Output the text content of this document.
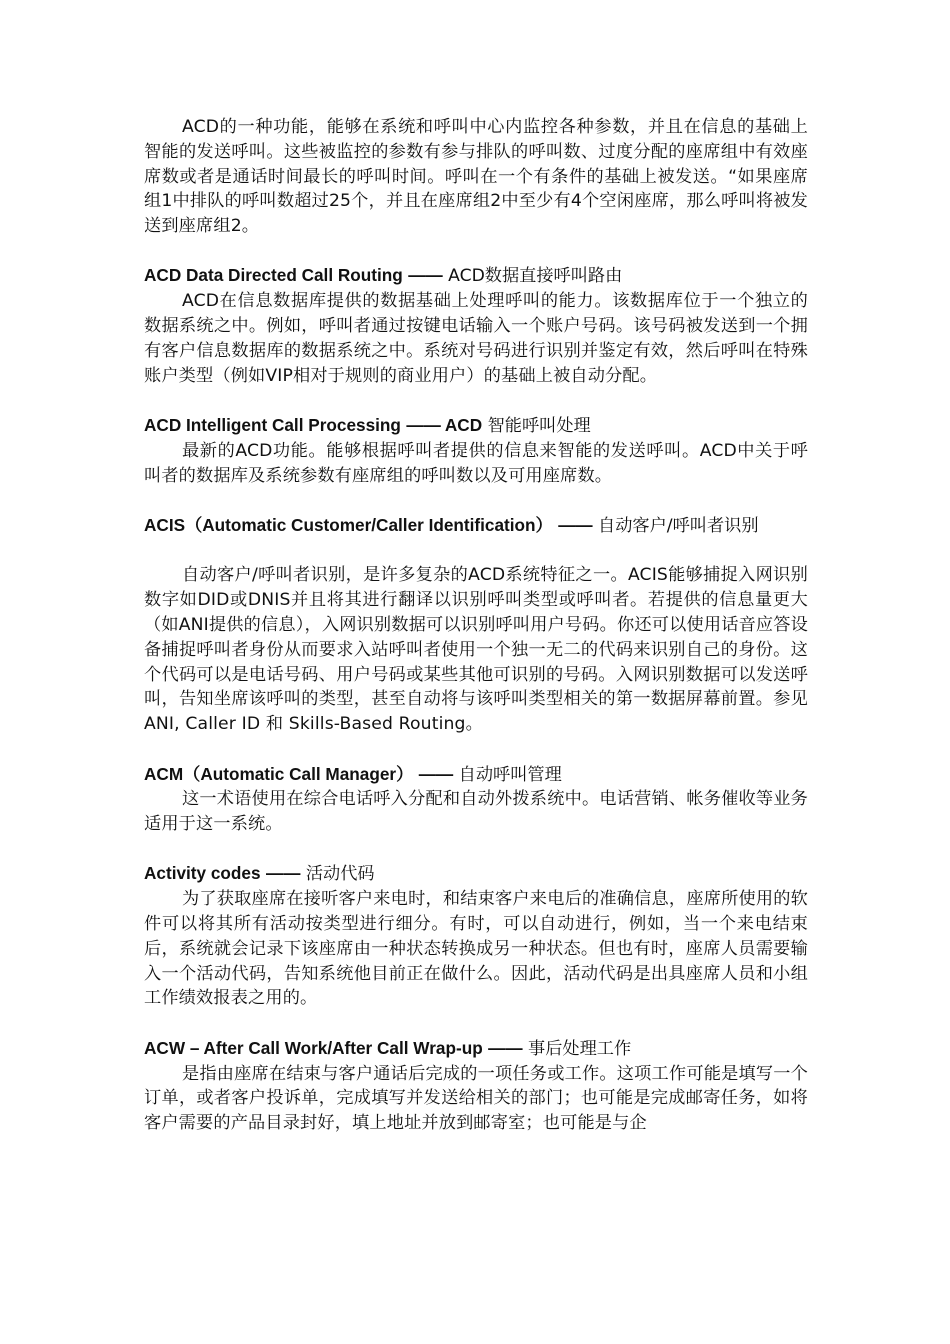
ACD的一种功能，能够在系统和呼叫中心内监控各种参数，并且在信息的基础上智能的发送呼叫。这些被监控的参数有参与排队的呼叫数、过度分配的座席组中有效座席数或者是通话时间最长的呼叫时间。呼叫在一个有条件的基础上被发送。“如果座席组1中排队的呼叫数超过25个，并且在座席组2中至少有4个空闲座席，那么呼叫将被发送到座席组2。

ACD Data Directed Call Routing —— ACD数据直接呼叫路由

ACD在信息数据库提供的数据基础上处理呼叫的能力。该数据库位于一个独立的数据系统之中。例如，呼叫者通过按键电话输入一个账户号码。该号码被发送到一个拥有客户信息数据库的数据系统之中。系统对号码进行识别并鉴定有效，然后呼叫在特殊账户类型（例如VIP相对于规则的商业用户）的基础上被自动分配。

ACD Intelligent Call Processing —— ACD 智能呼叫处理

最新的ACD功能。能够根据呼叫者提供的信息来智能的发送呼叫。ACD中关于呼叫者的数据库及系统参数有座席组的呼叫数以及可用座席数。

ACIS（Automatic Customer/Caller Identification） —— 自动客户/呼叫者识别

自动客户/呼叫者识别，是许多复杂的ACD系统特征之一。ACIS能够捕捉入网识别数字如DID或DNIS并且将其进行翻译以识别呼叫类型或呼叫者。若提供的信息量更大（如ANI提供的信息），入网识别数据可以识别呼叫用户号码。你还可以使用话音应答设备捕捉呼叫者身份从而要求入站呼叫者使用一个独一无二的代码来识别自己的身份。这个代码可以是电话号码、用户号码或某些其他可识别的号码。入网识别数据可以发送呼叫，告知坐席该呼叫的类型，甚至自动将与该呼叫类型相关的第一数据屏幕前置。参见ANI, Caller ID 和 Skills-Based Routing。

ACM（Automatic Call Manager） —— 自动呼叫管理

这一术语使用在综合电话呼入分配和自动外拨系统中。电话营销、帐务催收等业务适用于这一系统。

Activity codes —— 活动代码

为了获取座席在接听客户来电时，和结束客户来电后的准确信息，座席所使用的软件可以将其所有活动按类型进行细分。有时，可以自动进行，例如，当一个来电结束后，系统就会记录下该座席由一种状态转换成另一种状态。但也有时，座席人员需要输入一个活动代码，告知系统他目前正在做什么。因此，活动代码是出具座席人员和小组工作绩效报表之用的。

ACW – After Call Work/After Call Wrap-up —— 事后处理工作

是指由座席在结束与客户通话后完成的一项任务或工作。这项工作可能是填写一个订单，或者客户投诉单，完成填写并发送给相关的部门；也可能是完成邮寄任务，如将客户需要的产品目录封好，填上地址并放到邮寄室；也可能是与企
